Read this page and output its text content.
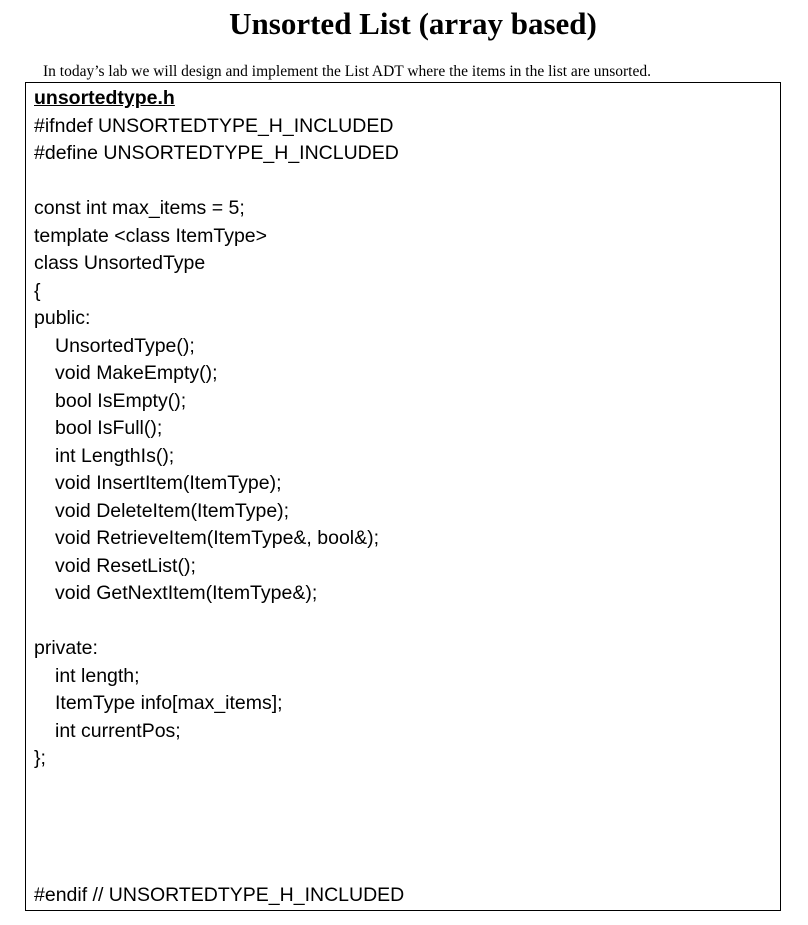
Unsorted List (array based)

In today’s lab we will design and implement the List ADT where the items in the list are unsorted.

unsortedtype.h
#ifndef UNSORTEDTYPE_H_INCLUDED
#define UNSORTEDTYPE_H_INCLUDED
const int max_items = 5;
template <class ItemType>
class UnsortedType
{
public:
UnsortedType();
void MakeEmpty();
bool IsEmpty();
bool IsFull();
int LengthIs();
void InsertItem(ItemType);
void DeleteItem(ItemType);
void RetrieveItem(ItemType&, bool&);
void ResetList();
void GetNextItem(ItemType&);
private:
int length;
ItemType info[max_items];
int currentPos;
};
#endif // UNSORTEDTYPE_H_INCLUDED
